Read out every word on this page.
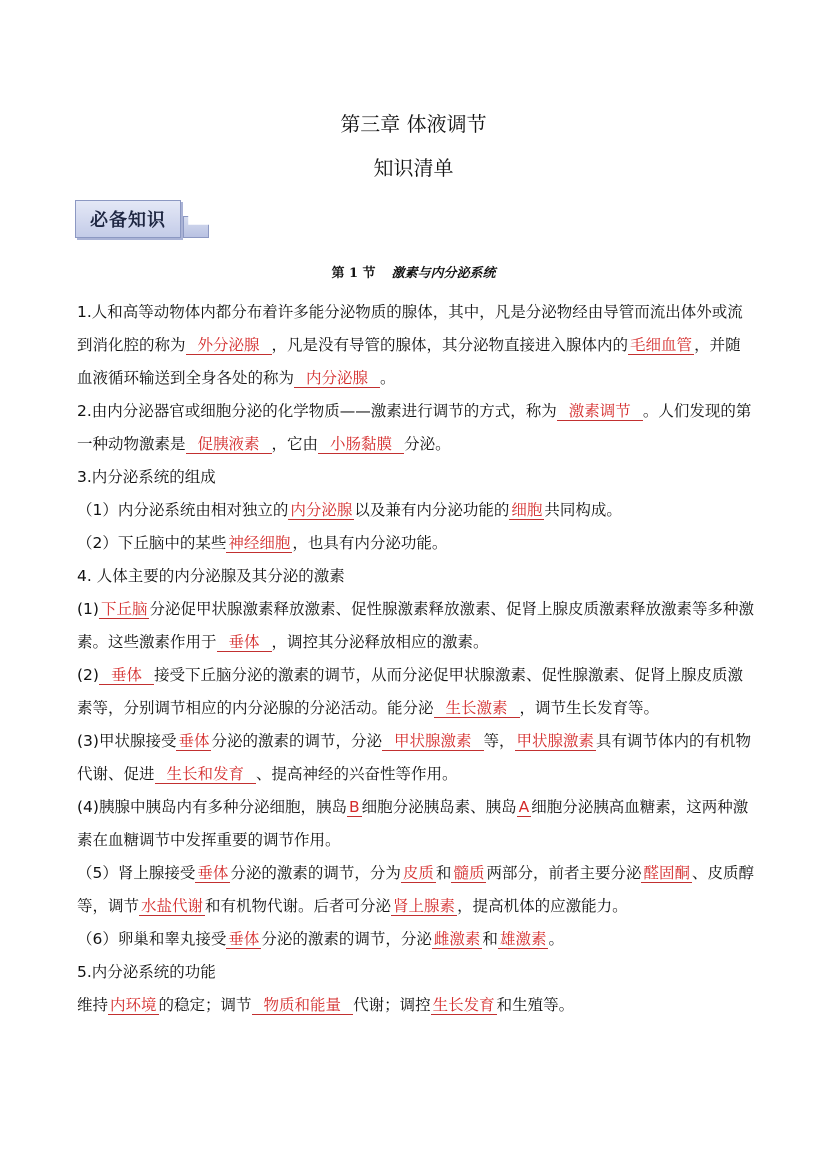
第三章 体液调节
知识清单
必备知识
第 1 节 激素与内分泌系统

1.人和高等动物体内都分布着许多能分泌物质的腺体，其中，凡是分泌物经由导管而流出体外或流到消化腔的称为 外分泌腺 ，凡是没有导管的腺体，其分泌物直接进入腺体内的 毛细血管 ，并随血液循环输送到全身各处的称为 内分泌腺 。

2.由内分泌器官或细胞分泌的化学物质——激素进行调节的方式，称为 激素调节 。人们发现的第一种动物激素是 促胰液素 ，它由 小肠黏膜 分泌。

3.内分泌系统的组成

（1）内分泌系统由相对独立的 内分泌腺 以及兼有内分泌功能的 细胞 共同构成。

（2）下丘脑中的某些 神经细胞 ，也具有内分泌功能。

4. 人体主要的内分泌腺及其分泌的激素

(1) 下丘脑 分泌促甲状腺激素释放激素、促性腺激素释放激素、促肾上腺皮质激素释放激素等多种激素。这些激素作用于 垂体 ，调控其分泌释放相应的激素。

(2) 垂体 接受下丘脑分泌的激素的调节，从而分泌促甲状腺激素、促性腺激素、促肾上腺皮质激素等，分别调节相应的内分泌腺的分泌活动。能分泌 生长激素 ，调节生长发育等。

(3)甲状腺接受 垂体 分泌的激素的调节，分泌 甲状腺激素 等， 甲状腺激素 具有调节体内的有机物代谢、促进 生长和发育 、提高神经的兴奋性等作用。

(4)胰腺中胰岛内有多种分泌细胞，胰岛 B 细胞分泌胰岛素、胰岛 A 细胞分泌胰高血糖素，这两种激素在血糖调节中发挥重要的调节作用。

（5）肾上腺接受 垂体 分泌的激素的调节，分为 皮质 和 髓质 两部分，前者主要分泌 醛固酮 、皮质醇等，调节 水盐代谢 和有机物代谢。后者可分泌 肾上腺素 ，提高机体的应激能力。

（6）卵巢和睾丸接受 垂体 分泌的激素的调节，分泌 雌激素 和 雄激素 。

5.内分泌系统的功能

维持 内环境 的稳定；调节 物质和能量 代谢；调控 生长发育 和生殖等。
